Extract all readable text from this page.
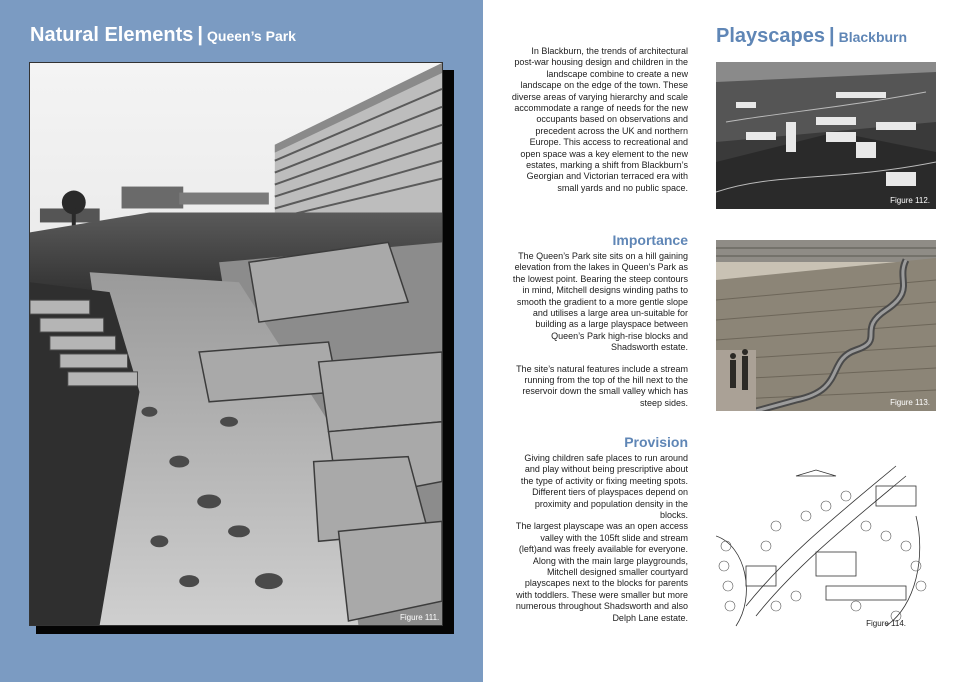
Natural Elements | Queen’s Park
Figure 111.
Playscapes | Blackburn

In Blackburn, the trends of architectural post-war housing design and children in the landscape combine to create a new landscape on the edge of the town. These diverse areas of varying hierarchy and scale accommodate a range of needs for the new occupants based on observations and precedent across the UK and northern Europe. This access to recreational and open space was a key element to the new estates, marking a shift from Blackburn’s Georgian and Victorian terraced era with small yards and no public space.

Importance

The Queen’s Park site sits on a hill gaining elevation from the lakes in Queen’s Park as the lowest point. Bearing the steep contours in mind, Mitchell designs winding paths to smooth the gradient to a more gentle slope and utilises a large area un-suitable for building as a large playspace between Queen’s Park high-rise blocks and Shadsworth estate.

The site’s natural features include a stream running from the top of the hill next to the reservoir down the small valley which has steep sides.

Provision

Giving children safe places to run around and play without being prescriptive about the type of activity or fixing meeting spots. Different tiers of playspaces depend on proximity and population density in the blocks.

The largest playscape was an open access valley with the 105ft slide and stream (left)and was freely available for everyone. Along with the main large playgrounds, Mitchell designed smaller courtyard playscapes next to the blocks for parents with toddlers. These were smaller but more numerous throughout Shadsworth and also Delph Lane estate.

Figure 112.
Figure 113.
Figure 114.
